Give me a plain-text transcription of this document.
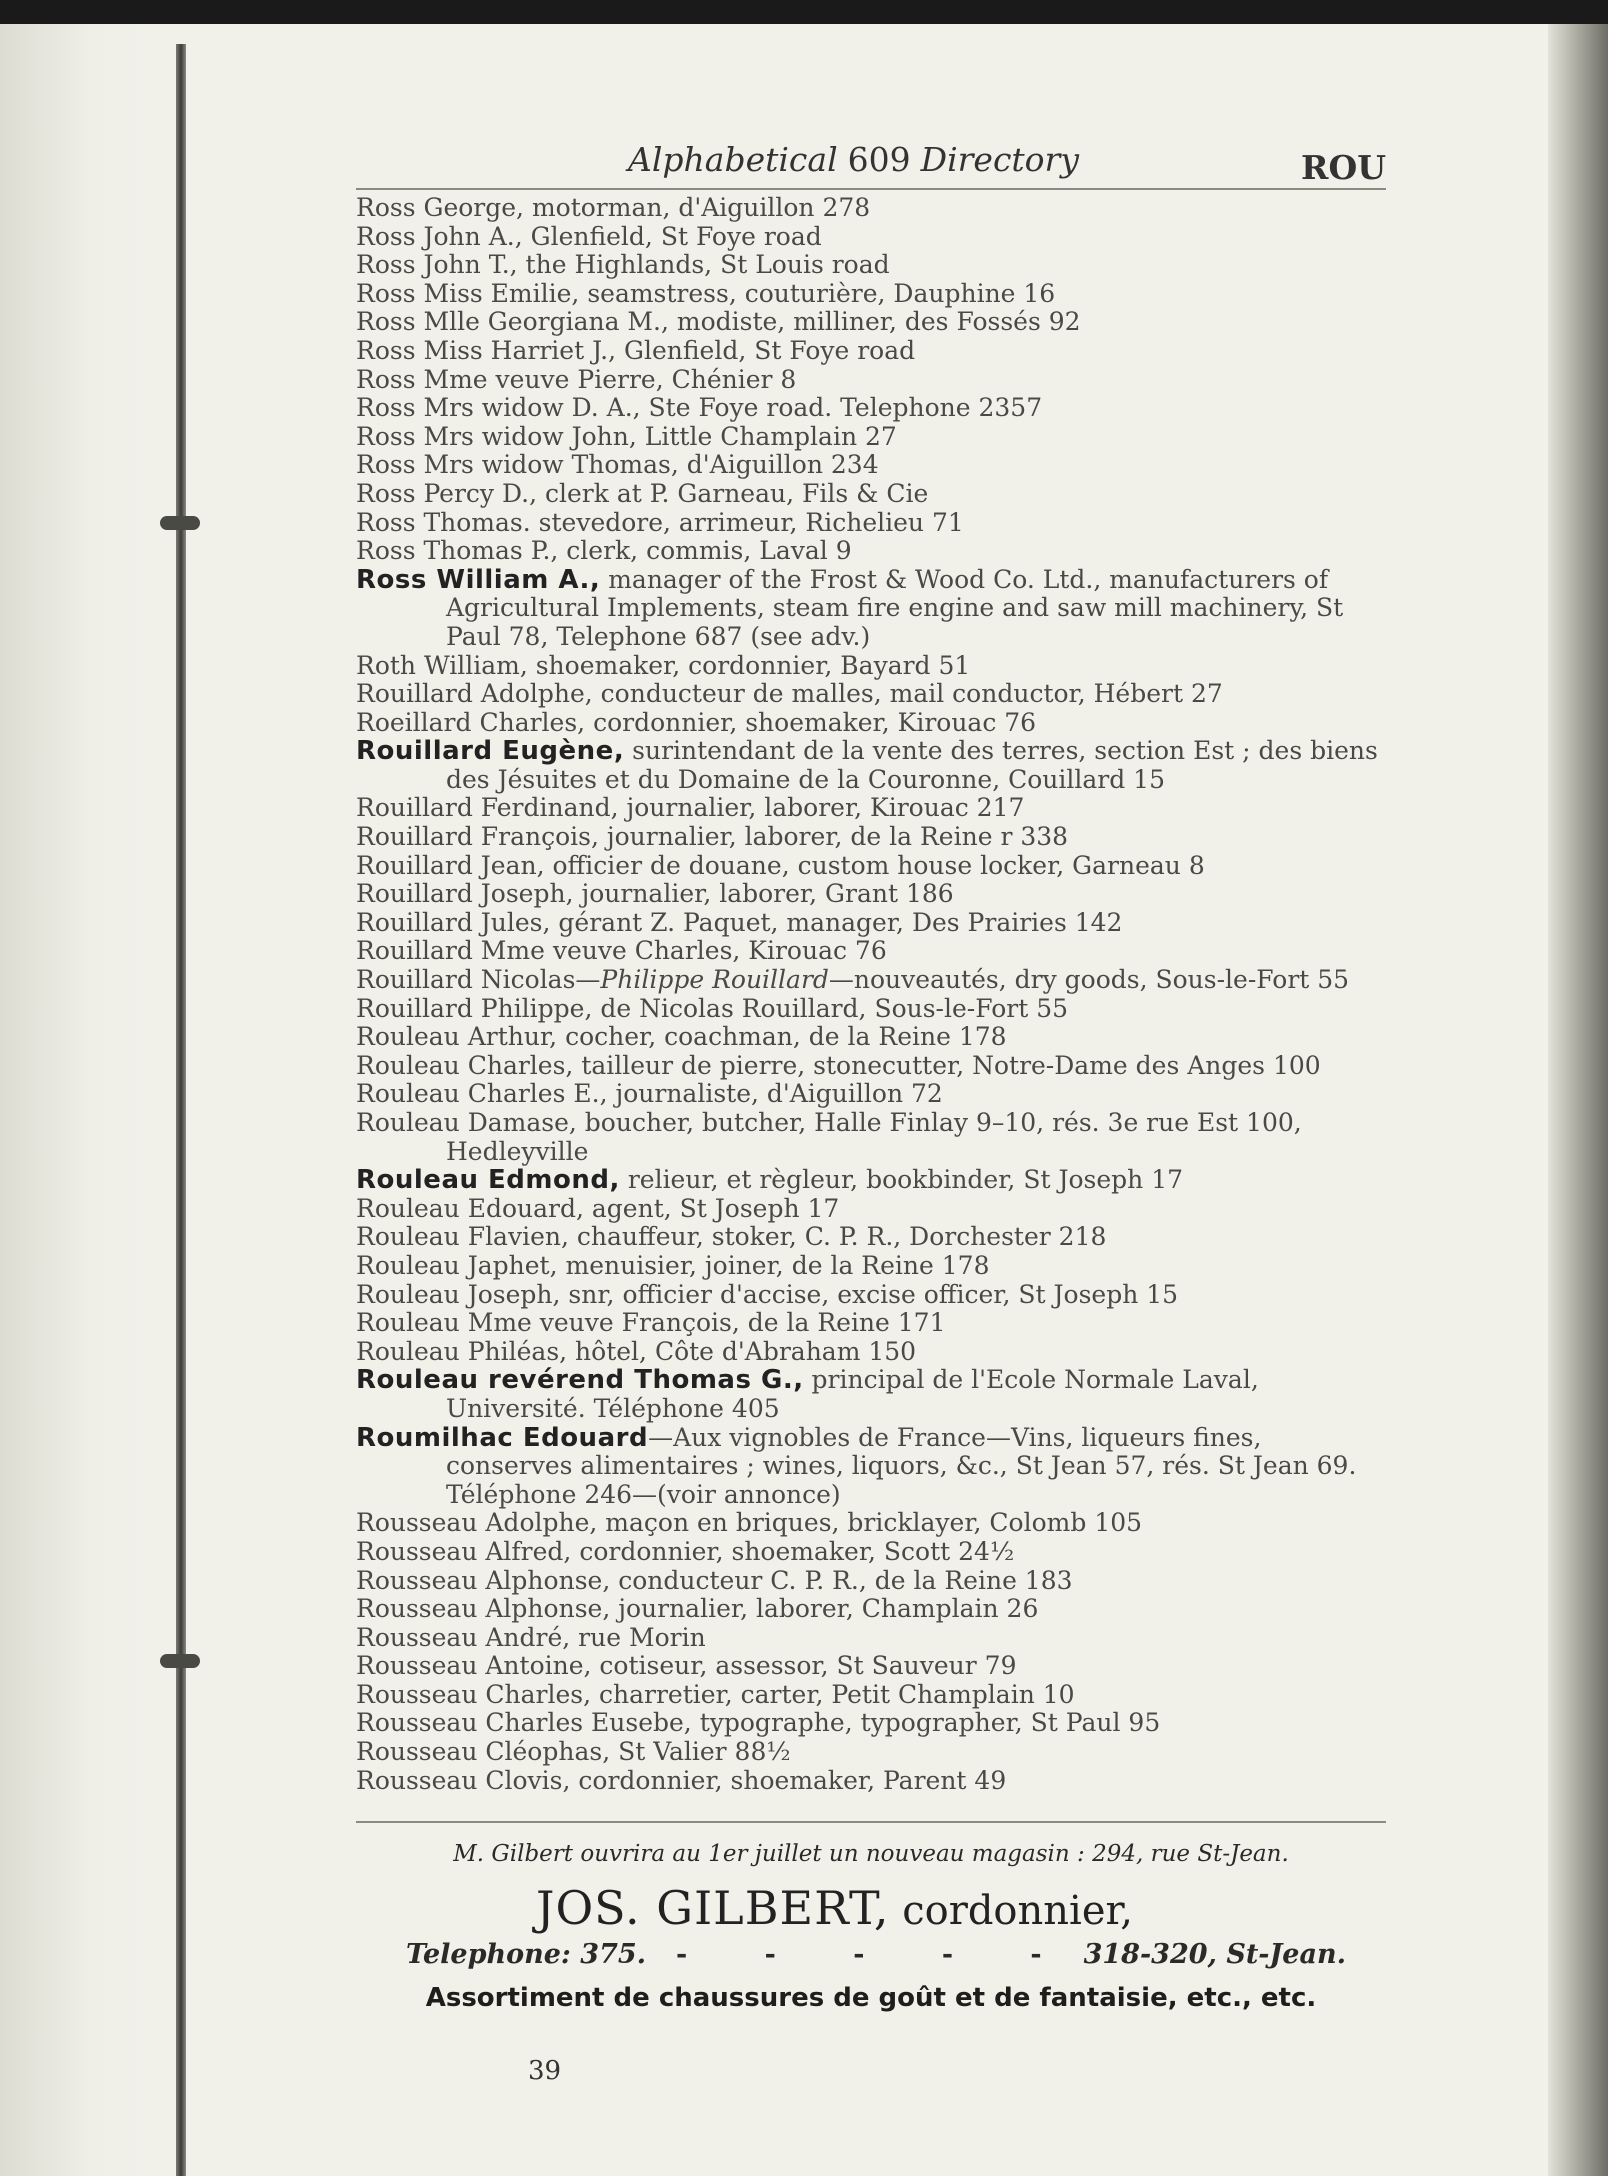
Alphabetical 609 Directory	ROU
Ross George, motorman, d'Aiguillon 278
Ross John A., Glenfield, St Foye road
Ross John T., the Highlands, St Louis road
Ross Miss Emilie, seamstress, couturière, Dauphine 16
Ross Mlle Georgiana M., modiste, milliner, des Fossés 92
Ross Miss Harriet J., Glenfield, St Foye road
Ross Mme veuve Pierre, Chénier 8
Ross Mrs widow D. A., Ste Foye road. Telephone 2357
Ross Mrs widow John, Little Champlain 27
Ross Mrs widow Thomas, d'Aiguillon 234
Ross Percy D., clerk at P. Garneau, Fils & Cie
Ross Thomas. stevedore, arrimeur, Richelieu 71
Ross Thomas P., clerk, commis, Laval 9
Ross William A., manager of the Frost & Wood Co. Ltd., manufacturers of Agricultural Implements, steam fire engine and saw mill machinery, St Paul 78, Telephone 687 (see adv.)
Roth William, shoemaker, cordonnier, Bayard 51
Rouillard Adolphe, conducteur de malles, mail conductor, Hébert 27
Roeillard Charles, cordonnier, shoemaker, Kirouac 76
Rouillard Eugène, surintendant de la vente des terres, section Est ; des biens des Jésuites et du Domaine de la Couronne, Couillard 15
Rouillard Ferdinand, journalier, laborer, Kirouac 217
Rouillard François, journalier, laborer, de la Reine r 338
Rouillard Jean, officier de douane, custom house locker, Garneau 8
Rouillard Joseph, journalier, laborer, Grant 186
Rouillard Jules, gérant Z. Paquet, manager, Des Prairies 142
Rouillard Mme veuve Charles, Kirouac 76
Rouillard Nicolas—Philippe Rouillard—nouveautés, dry goods, Sous-le-Fort 55
Rouillard Philippe, de Nicolas Rouillard, Sous-le-Fort 55
Rouleau Arthur, cocher, coachman, de la Reine 178
Rouleau Charles, tailleur de pierre, stonecutter, Notre-Dame des Anges 100
Rouleau Charles E., journaliste, d'Aiguillon 72
Rouleau Damase, boucher, butcher, Halle Finlay 9–10, rés. 3e rue Est 100, Hedleyville
Rouleau Edmond, relieur, et règleur, bookbinder, St Joseph 17
Rouleau Edouard, agent, St Joseph 17
Rouleau Flavien, chauffeur, stoker, C. P. R., Dorchester 218
Rouleau Japhet, menuisier, joiner, de la Reine 178
Rouleau Joseph, snr, officier d'accise, excise officer, St Joseph 15
Rouleau Mme veuve François, de la Reine 171
Rouleau Philéas, hôtel, Côte d'Abraham 150
Rouleau revérend Thomas G., principal de l'Ecole Normale Laval, Université. Téléphone 405
Roumilhac Edouard—Aux vignobles de France—Vins, liqueurs fines, conserves alimentaires ; wines, liquors, &c., St Jean 57, rés. St Jean 69. Téléphone 246—(voir annonce)
Rousseau Adolphe, maçon en briques, bricklayer, Colomb 105
Rousseau Alfred, cordonnier, shoemaker, Scott 24½
Rousseau Alphonse, conducteur C. P. R., de la Reine 183
Rousseau Alphonse, journalier, laborer, Champlain 26
Rousseau André, rue Morin
Rousseau Antoine, cotiseur, assessor, St Sauveur 79
Rousseau Charles, charretier, carter, Petit Champlain 10
Rousseau Charles Eusebe, typographe, typographer, St Paul 95
Rousseau Cléophas, St Valier 88½
Rousseau Clovis, cordonnier, shoemaker, Parent 49
M. Gilbert ouvrira au 1er juillet un nouveau magasin : 294, rue St-Jean.
JOS. GILBERT, cordonnier,
Telephone: 375. - - - - - 318-320, St-Jean.
Assortiment de chaussures de goût et de fantaisie, etc., etc.
39
